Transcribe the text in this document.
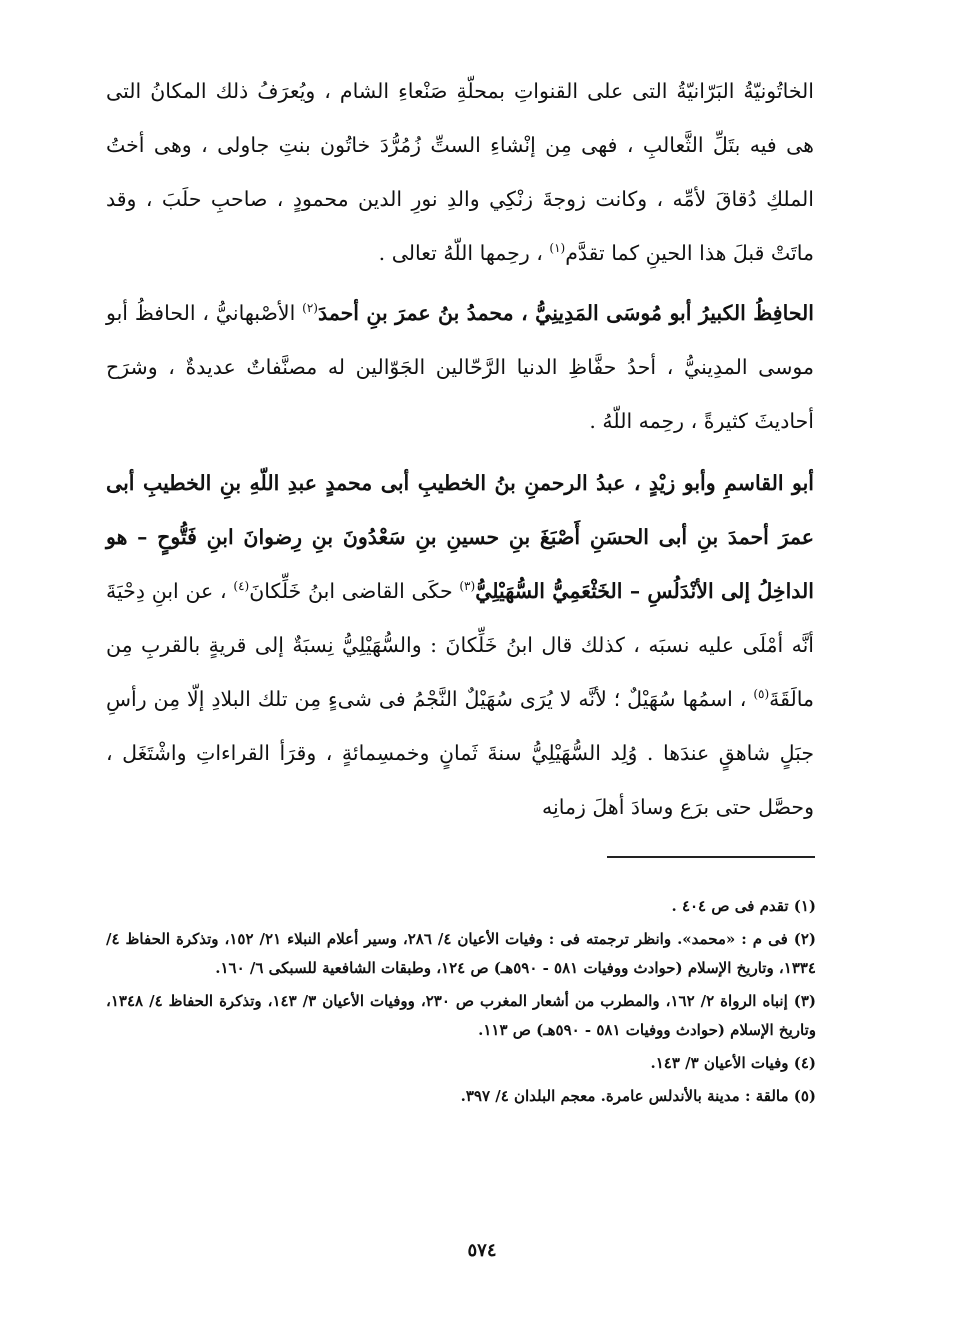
الخاتُونيّةُ البَرّانيّةُ التى على القنواتِ بمحلّةِ صَنْعاءِ الشام ، ويُعرَفُ ذلك المكانُ التى هى فيه بتَلِّ الثَّعالبِ ، فهى مِن إنْشاءِ الستِّ زُمُرُّدَ خاتُون بنتِ جاولى ، وهى أختُ الملكِ دُقاقَ لأمِّه ، وكانت زوجةَ زنْكِي والدِ نورِ الدين محمودٍ ، صاحبِ حلَبَ ، وقد ماتَتْ قبلَ هذا الحينِ كما تقدَّم$^{(١)}$ ، رحِمها اللّهُ تعالى .

الحافِظُ الكبيرُ أبو مُوسَى المَدِينِيُّ ، محمدُ بنُ عمرَ بنِ أحمدَ$^{(٢)}$ الأصْبهانيُّ ، الحافظُ أبو موسى المدِينيُّ ، أحدُ حفَّاظِ الدنيا الرَّحّالين الجَوّالين له مصنَّفاتٌ عديدةٌ ، وشرَح أحاديثَ كثيرةً ، رحِمه اللّهُ .

أبو القاسمِ وأبو زيْدٍ ، عبدُ الرحمنِ بنُ الخطيبِ أبى محمدٍ عبدِ اللّهِ بنِ الخطيبِ أبى عمرَ أحمدَ بنِ أبى الحسَنِ أَصْبَغَ بنِ حسينِ بنِ سَعْدُونَ بنِ رِضوانَ ابنِ فَتُّوحٍ – هو الداخِلُ إلى الأنْدَلُسِ – الخَثْعَمِيُّ السُّهَيْلِيُّ$^{(٣)}$ حكَى القاضى ابنُ خَلِّكانَ$^{(٤)}$ ، عن ابنِ دِحْيَةَ أنَّه أمْلَى عليه نسبَه ، كذلك قال ابنُ خَلِّكانَ : والسُّهَيْلِيُّ نِسبَةٌ إلى قريةٍ بالقربِ مِن مالَقَةَ$^{(٥)}$ ، اسمُها سُهَيْلٌ ؛ لأنَّه لا يُرَى سُهَيْلٌ النَّجْمُ فى شىءٍ مِن تلك البلادِ إلّا مِن رأسِ جبَلٍ شاهقٍ عندَها . وُلِد السُّهَيْلِيُّ سنةَ ثَمانٍ وخمسِمائةٍ ، وقرَأ القراءاتِ واشْتَغَل ، وحصَّل حتى برَع وسادَ أهلَ زمانِه

(١) تقدم فى ص ٤٠٤ .

(٢) فى م : «محمد». وانظر ترجمته فى : وفيات الأعيان ٤/ ٢٨٦، وسير أعلام النبلاء ٢١/ ١٥٢، وتذكرة الحفاظ ٤/ ١٣٣٤، وتاريخ الإسلام (حوادث ووفيات ٥٨١ - ٥٩٠هـ) ص ١٢٤، وطبقات الشافعية للسبكى ٦/ ١٦٠.

(٣) إنباه الرواة ٢/ ١٦٢، والمطرب من أشعار المغرب ص ٢٣٠، ووفيات الأعيان ٣/ ١٤٣، وتذكرة الحفاظ ٤/ ١٣٤٨، وتاريخ الإسلام (حوادث ووفيات ٥٨١ - ٥٩٠هـ) ص ١١٣.

(٤) وفيات الأعيان ٣/ ١٤٣.

(٥) مالقة : مدينة بالأندلس عامرة. معجم البلدان ٤/ ٣٩٧.

٥٧٤
